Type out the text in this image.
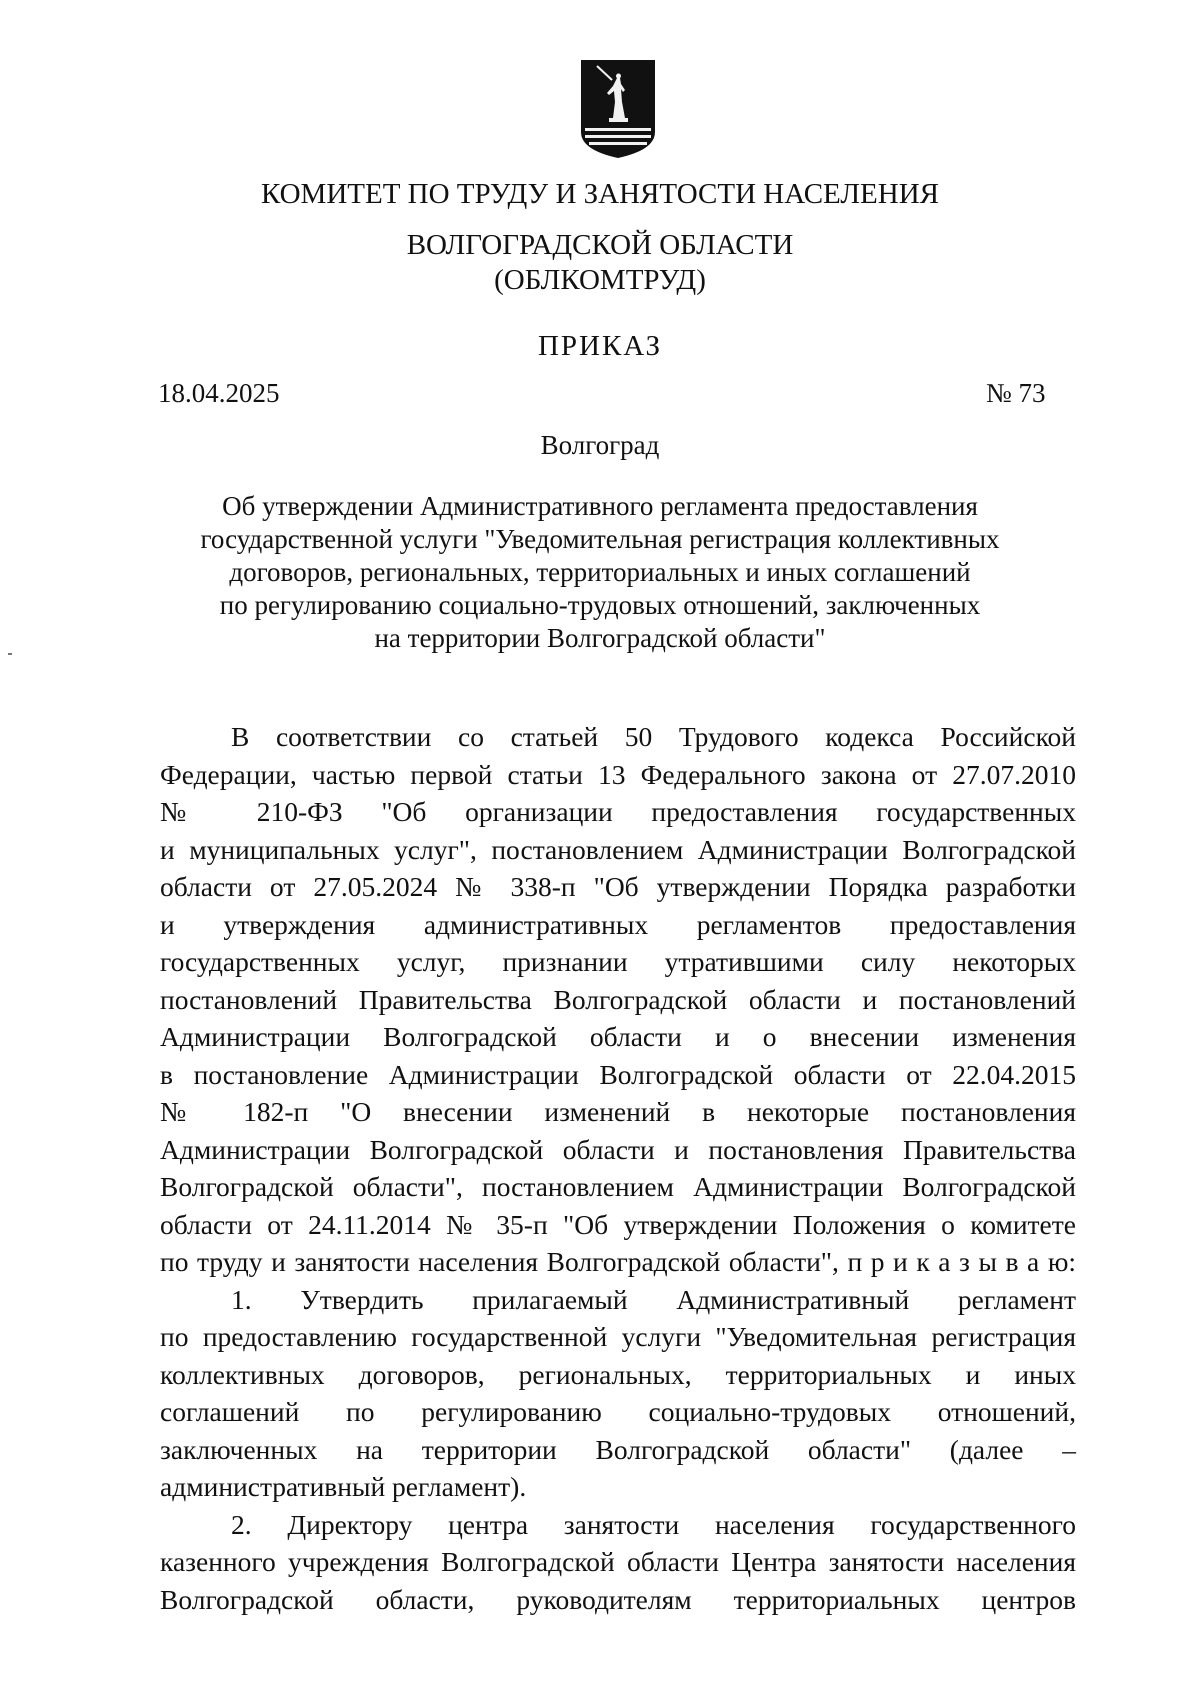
КОМИТЕТ ПО ТРУДУ И ЗАНЯТОСТИ НАСЕЛЕНИЯ
ВОЛГОГРАДСКОЙ ОБЛАСТИ
(ОБЛКОМТРУД)
ПРИКАЗ
18.04.2025	№ 73
Волгоград
Об утверждении Административного регламента предоставления
государственной услуги "Уведомительная регистрация коллективных
договоров, региональных, территориальных и иных соглашений
по регулированию социально-трудовых отношений, заключенных
на территории Волгоградской области"
В соответствии со статьей 50 Трудового кодекса Российской
Федерации, частью первой статьи 13 Федерального закона от 27.07.2010
№ 210-ФЗ "Об организации предоставления государственных
и муниципальных услуг", постановлением Администрации Волгоградской
области от 27.05.2024 № 338-п "Об утверждении Порядка разработки
и утверждения административных регламентов предоставления
государственных услуг, признании утратившими силу некоторых
постановлений Правительства Волгоградской области и постановлений
Администрации Волгоградской области и о внесении изменения
в постановление Администрации Волгоградской области от 22.04.2015
№ 182-п "О внесении изменений в некоторые постановления
Администрации Волгоградской области и постановления Правительства
Волгоградской области", постановлением Администрации Волгоградской
области от 24.11.2014 № 35-п "Об утверждении Положения о комитете
по труду и занятости населения Волгоградской области", п р и к а з ы в а ю:
1. Утвердить прилагаемый Административный регламент
по предоставлению государственной услуги "Уведомительная регистрация
коллективных договоров, региональных, территориальных и иных
соглашений по регулированию социально-трудовых отношений,
заключенных на территории Волгоградской области" (далее –
административный регламент).
2. Директору центра занятости населения государственного
казенного учреждения Волгоградской области Центра занятости населения
Волгоградской области, руководителям территориальных центров
